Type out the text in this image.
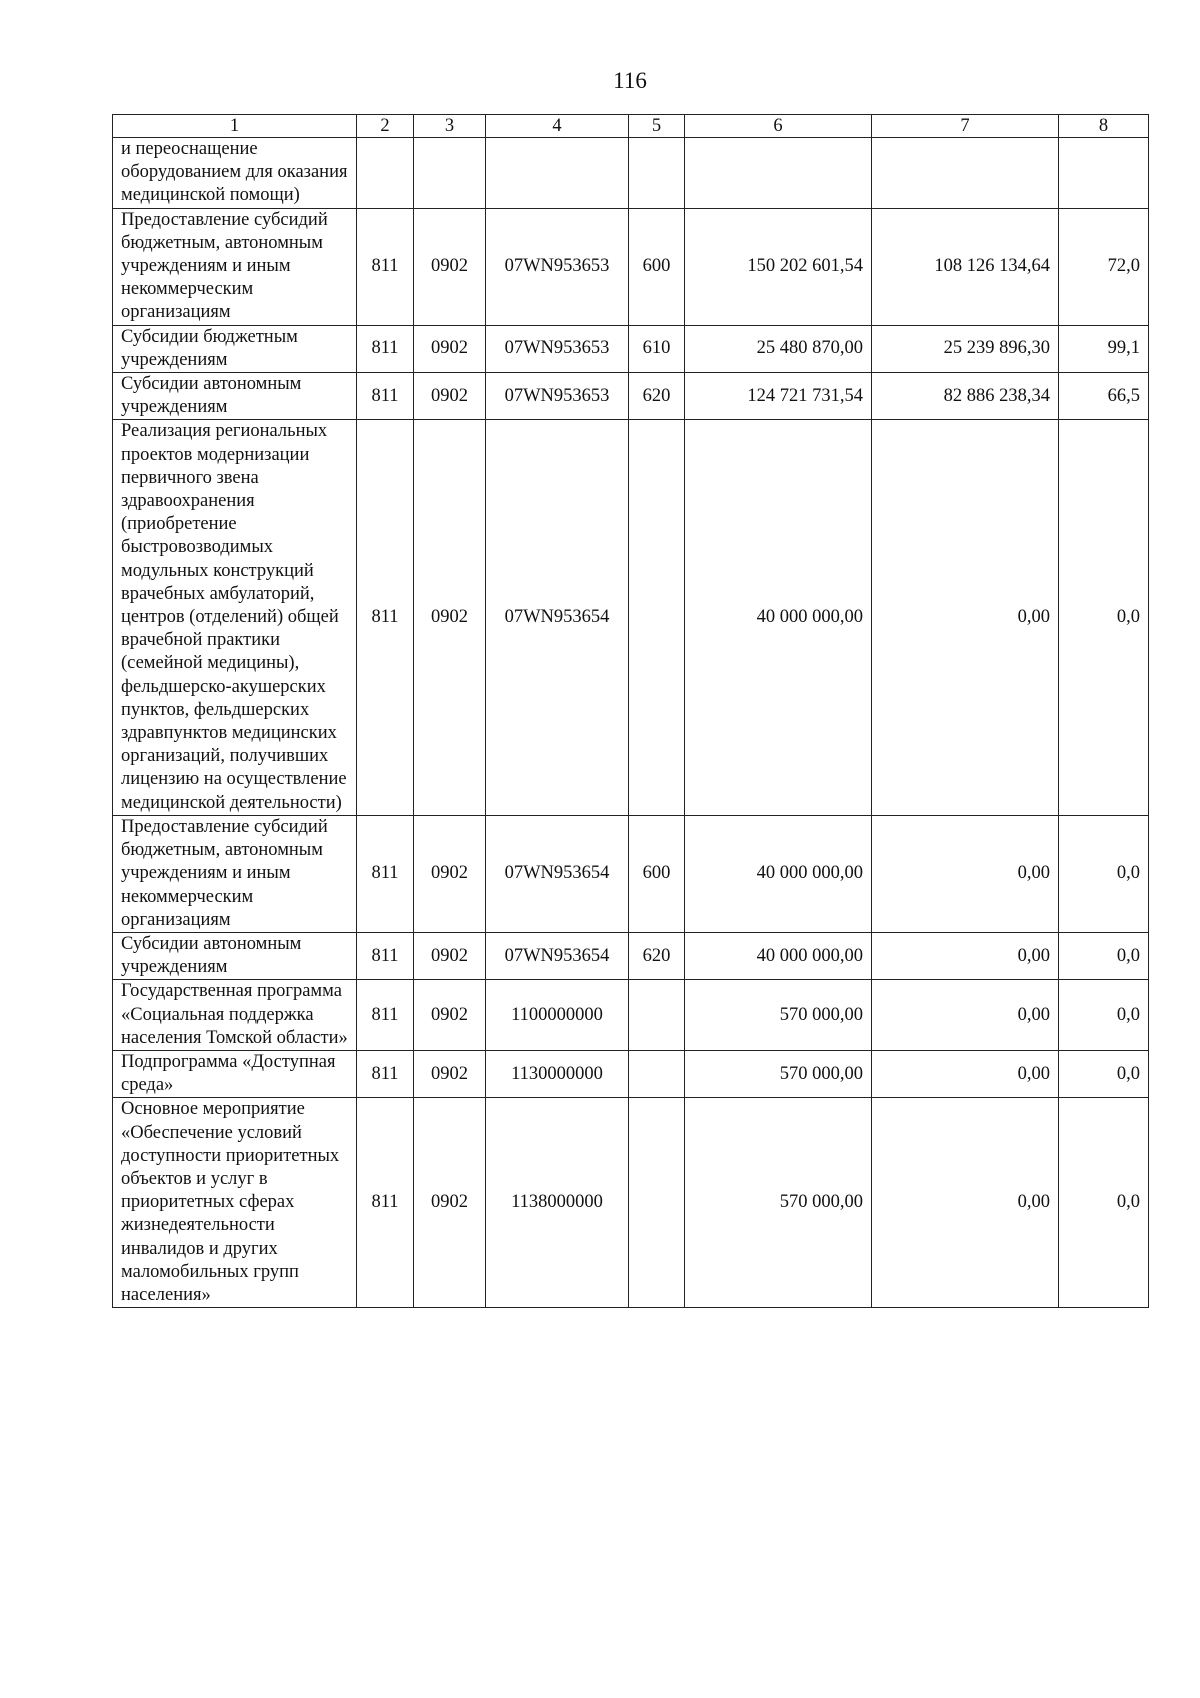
116
1	2	3	4	5	6	7	8
и переоснащение оборудованием для оказания медицинской помощи)							
Предоставление субсидий бюджетным, автономным учреждениям и иным некоммерческим организациям	811	0902	07WN953653	600	150 202 601,54	108 126 134,64	72,0
Субсидии бюджетным учреждениям	811	0902	07WN953653	610	25 480 870,00	25 239 896,30	99,1
Субсидии автономным учреждениям	811	0902	07WN953653	620	124 721 731,54	82 886 238,34	66,5
Реализация региональных проектов модернизации первичного звена здравоохранения (приобретение быстровозводимых модульных конструкций врачебных амбулаторий, центров (отделений) общей врачебной практики (семейной медицины), фельдшерско-акушерских пунктов, фельдшерских здравпунктов медицинских организаций, получивших лицензию на осуществление медицинской деятельности)	811	0902	07WN953654		40 000 000,00	0,00	0,0
Предоставление субсидий бюджетным, автономным учреждениям и иным некоммерческим организациям	811	0902	07WN953654	600	40 000 000,00	0,00	0,0
Субсидии автономным учреждениям	811	0902	07WN953654	620	40 000 000,00	0,00	0,0
Государственная программа «Социальная поддержка населения Томской области»	811	0902	1100000000		570 000,00	0,00	0,0
Подпрограмма «Доступная среда»	811	0902	1130000000		570 000,00	0,00	0,0
Основное мероприятие «Обеспечение условий доступности приоритетных объектов и услуг в приоритетных сферах жизнедеятельности инвалидов и других маломобильных групп населения»	811	0902	1138000000		570 000,00	0,00	0,0
